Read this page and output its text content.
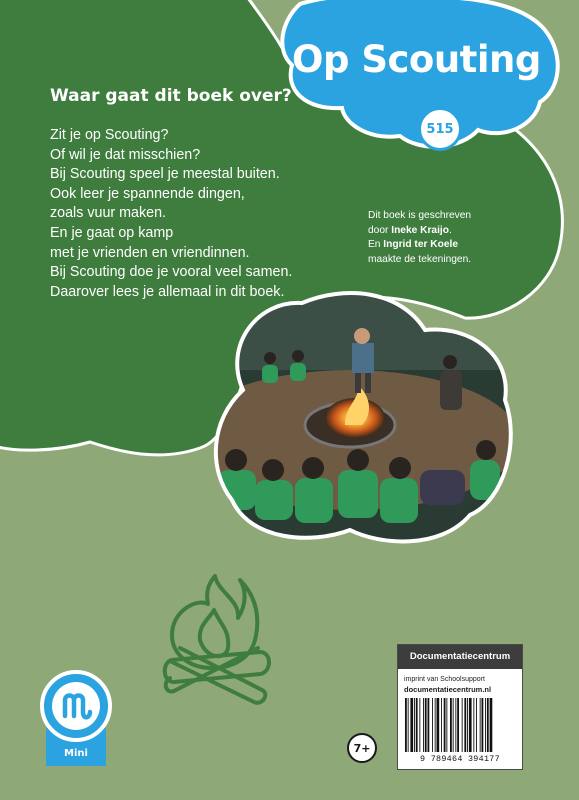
Op Scouting
515
Waar gaat dit boek over?
Zit je op Scouting?
Of wil je dat misschien?
Bij Scouting speel je meestal buiten.
Ook leer je spannende dingen,
zoals vuur maken.
En je gaat op kamp
met je vrienden en vriendinnen.
Bij Scouting doe je vooral veel samen.
Daarover lees je allemaal in dit boek.
Dit boek is geschreven
door Ineke Kraijo.
En Ingrid ter Koele
maakte de tekeningen.
Mini	7+
Documentatiecentrum
imprint van Schoolsupport
documentatiecentrum.nl
9 789464 394177
